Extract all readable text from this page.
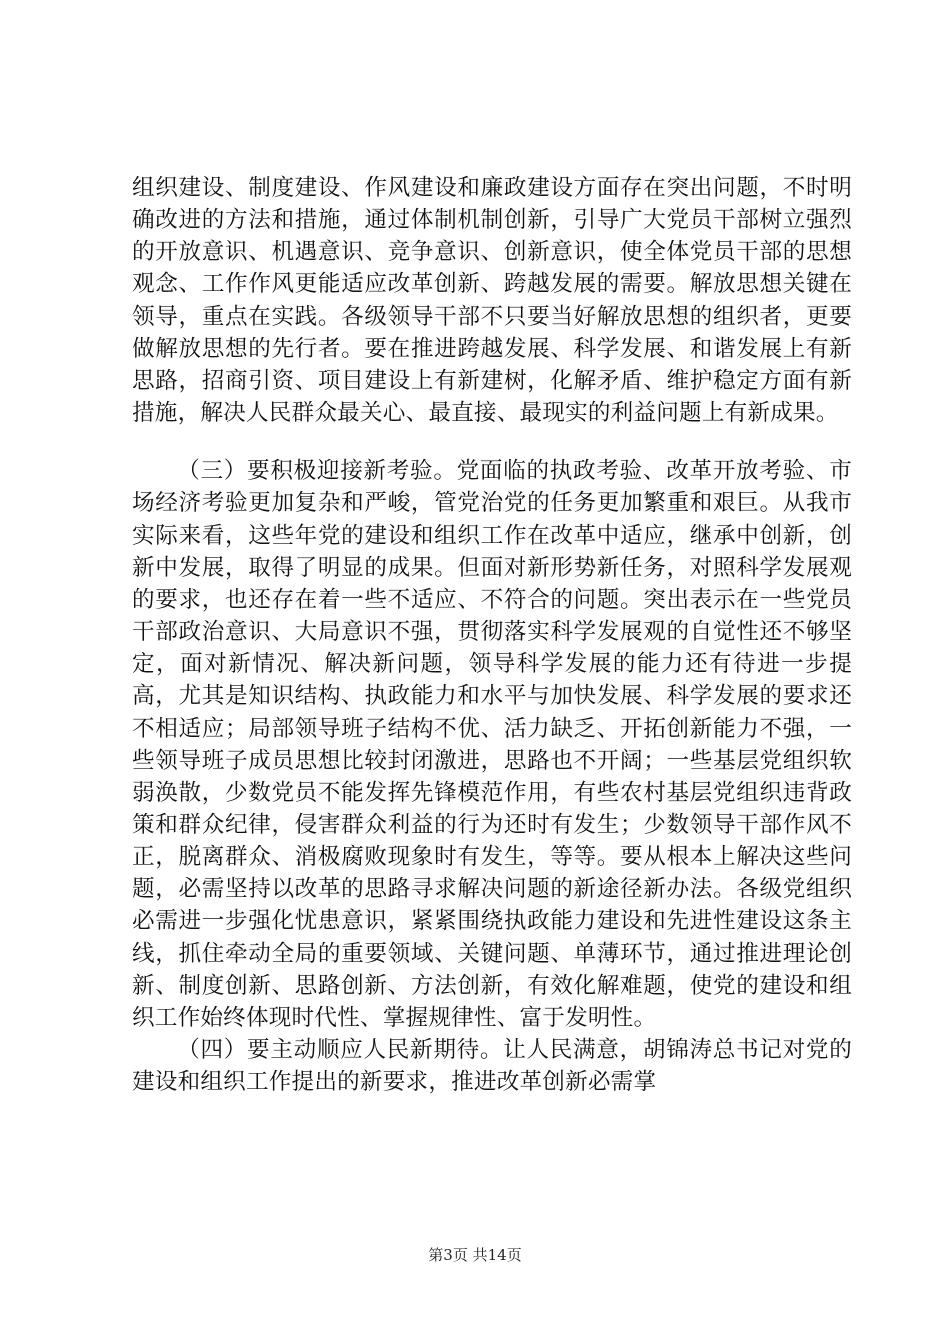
组织建设、制度建设、作风建设和廉政建设方面存在突出问题，不时明确改进的方法和措施，通过体制机制创新，引导广大党员干部树立强烈的开放意识、机遇意识、竞争意识、创新意识，使全体党员干部的思想观念、工作作风更能适应改革创新、跨越发展的需要。解放思想关键在领导，重点在实践。各级领导干部不只要当好解放思想的组织者，更要做解放思想的先行者。要在推进跨越发展、科学发展、和谐发展上有新思路，招商引资、项目建设上有新建树，化解矛盾、维护稳定方面有新措施，解决人民群众最关心、最直接、最现实的利益问题上有新成果。

（三）要积极迎接新考验。党面临的执政考验、改革开放考验、市场经济考验更加复杂和严峻，管党治党的任务更加繁重和艰巨。从我市实际来看，这些年党的建设和组织工作在改革中适应，继承中创新，创新中发展，取得了明显的成果。但面对新形势新任务，对照科学发展观的要求，也还存在着一些不适应、不符合的问题。突出表示在一些党员干部政治意识、大局意识不强，贯彻落实科学发展观的自觉性还不够坚定，面对新情况、解决新问题，领导科学发展的能力还有待进一步提高，尤其是知识结构、执政能力和水平与加快发展、科学发展的要求还不相适应；局部领导班子结构不优、活力缺乏、开拓创新能力不强，一些领导班子成员思想比较封闭激进，思路也不开阔；一些基层党组织软弱涣散，少数党员不能发挥先锋模范作用，有些农村基层党组织违背政策和群众纪律，侵害群众利益的行为还时有发生；少数领导干部作风不正，脱离群众、消极腐败现象时有发生，等等。要从根本上解决这些问题，必需坚持以改革的思路寻求解决问题的新途径新办法。各级党组织必需进一步强化忧患意识，紧紧围绕执政能力建设和先进性建设这条主线，抓住牵动全局的重要领域、关键问题、单薄环节，通过推进理论创新、制度创新、思路创新、方法创新，有效化解难题，使党的建设和组织工作始终体现时代性、掌握规律性、富于发明性。

（四）要主动顺应人民新期待。让人民满意，胡锦涛总书记对党的建设和组织工作提出的新要求，推进改革创新必需掌

第3页 共14页
